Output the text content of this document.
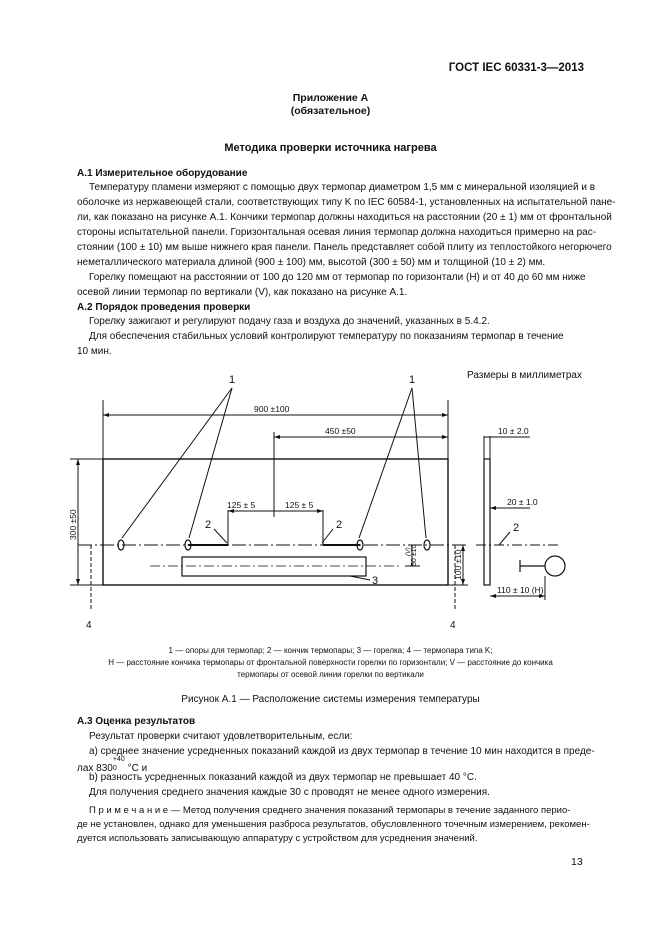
ГОСТ IEC 60331-3—2013
Приложение А
(обязательное)
Методика проверки источника нагрева
А.1 Измерительное оборудование
Температуру пламени измеряют с помощью двух термопар диаметром 1,5 мм с минеральной изоляцией и в
оболочке из нержавеющей стали, соответствующих типу K по IEC 60584-1, установленных на испытательной пане-
ли, как показано на рисунке А.1. Кончики термопар должны находиться на расстоянии (20 ± 1) мм от фронтальной
стороны испытательной панели. Горизонтальная осевая линия термопар должна находиться примерно на рас-
стоянии (100 ± 10) мм выше нижнего края панели. Панель представляет собой плиту из теплостойкого негорючего
неметаллического материала длиной (900 ± 100) мм, высотой (300 ± 50) мм и толщиной (10 ± 2) мм.
Горелку помещают на расстоянии от 100 до 120 мм от термопар по горизонтали (H) и от 40 до 60 мм ниже
осевой линии термопар по вертикали (V), как показано на рисунке А.1.
А.2 Порядок проведения проверки
Горелку зажигают и регулируют подачу газа и воздуха до значений, указанных в 5.4.2.
Для обеспечения стабильных условий контролируют температуру по показаниям термопар в течение
10 мин.
Размеры в миллиметрах
1	1
2	2	2
3
4	4
900 ±100
450 ±50
125 ± 5	125 ± 5
300 ±50
100 ±10
50 ±10
(V)
10 ± 2.0
20 ± 1.0
110 ± 10 (H)
1 — опоры для термопар; 2 — кончик термопары; 3 — горелка; 4 — термопара типа K;
H — расстояние кончика термопары от фронтальной поверхности горелки по горизонтали; V — расстояние до кончика
термопары от осевой линии горелки по вертикали
Рисунок А.1 — Расположение системы измерения температуры
А.3 Оценка результатов
Результат проверки считают удовлетворительным, если:
a) среднее значение усредненных показаний каждой из двух термопар в течение 10 мин находится в преде-
лах 830
+40
0 °C и
b) разность усредненных показаний каждой из двух термопар не превышает 40 °С.
Для получения среднего значения каждые 30 с проводят не менее одного измерения.
П р и м е ч а н и е — Метод получения среднего значения показаний термопары в течение заданного перио-
де не установлен, однако для уменьшения разброса результатов, обусловленного точечным измерением, рекомен-
дуется использовать записывающую аппаратуру с устройством для усреднения значений.
13
